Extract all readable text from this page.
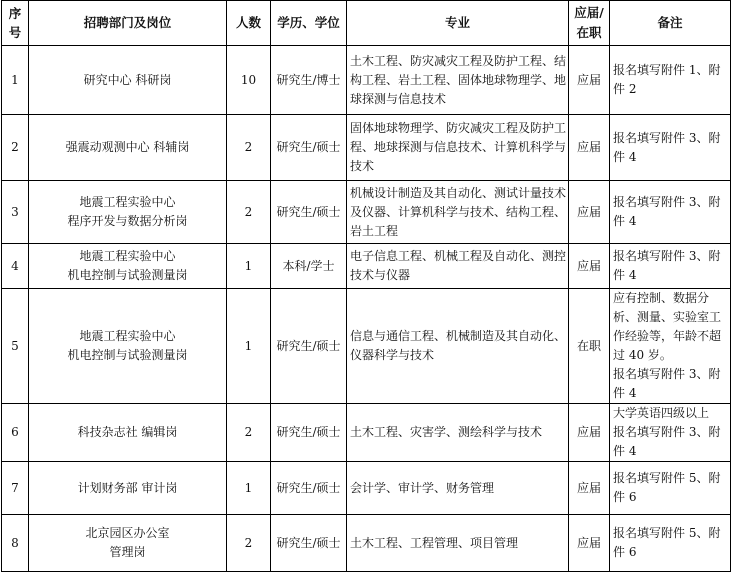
序
号	招聘部门及岗位	人数	学历、学位	专业	应届/
在职	备注
1	研究中心 科研岗	10	研究生/博士	土木工程、防灾减灾工程及防护工程、结构工程、岩土工程、固体地球物理学、地球探测与信息技术	应届	报名填写附件 1、附件 2
2	强震动观测中心 科辅岗	2	研究生/硕士	固体地球物理学、防灾减灾工程及防护工程、地球探测与信息技术、计算机科学与技术	应届	报名填写附件 3、附件 4
3	地震工程实验中心
程序开发与数据分析岗	2	研究生/硕士	机械设计制造及其自动化、测试计量技术及仪器、计算机科学与技术、结构工程、岩土工程	应届	报名填写附件 3、附件 4
4	地震工程实验中心
机电控制与试验测量岗	1	本科/学士	电子信息工程、机械工程及自动化、测控技术与仪器	应届	报名填写附件 3、附件 4
5	地震工程实验中心
机电控制与试验测量岗	1	研究生/硕士	信息与通信工程、机械制造及其自动化、仪器科学与技术	在职	应有控制、数据分析、测量、实验室工作经验等，年龄不超过 40 岁。
报名填写附件 3、附件 4
6	科技杂志社 编辑岗	2	研究生/硕士	土木工程、灾害学、测绘科学与技术	应届	大学英语四级以上
报名填写附件 3、附件 4
7	计划财务部 审计岗	1	研究生/硕士	会计学、审计学、财务管理	应届	报名填写附件 5、附件 6
8	北京园区办公室
管理岗	2	研究生/硕士	土木工程、工程管理、项目管理	应届	报名填写附件 5、附件 6
